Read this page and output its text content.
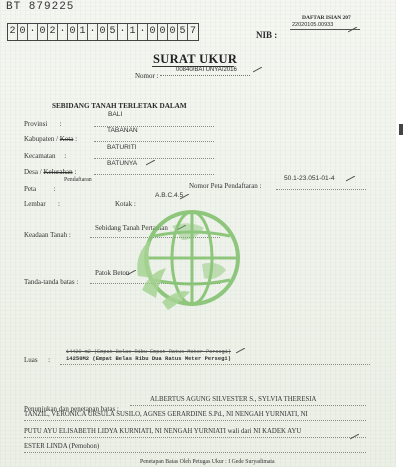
BT 879225
2 0 · 0 2 · 0 1 · 0 5 · 1 · 0 0 0 5 7	NIB :
DAFTAR ISIAN 207
22020105.00933
SURAT UKUR
Nomor :
00840/BATUNYA/2016
SEBIDANG TANAH TERLETAK DALAM
Provinsi       :
BALI
Kabupaten / Kota :
TABANAN
Kecamatan     :
BATURITI
Desa / Kelurahan :
BATUNYA
Peta          :
Pendaftaran
Nomor Peta Pendaftaran :
50.1-23.051-01-4
Lembar       :	Kotak :
A.B.C.4.5
Keadaan Tanah :
Sebidang Tanah Pertanian
Tanda-tanda batas :
Patok Beton
Luas      :
14420 m2 (Empat Belas Ribu Empat Ratus Meter Persegi)
14250M2 (Empat Belas Ribu Dua Ratus Meter Persegi)
ALBERTUS AGUNG SILVESTER S., SYLVIA THERESIA
Penunjukan dan penetapan batas :
TANZIL, VERONICA URSULA SUSILO, AGNES GERARDINE S.Pd., NI NENGAH YURNIATI, NI
PUTU AYU ELISABETH LIDYA KURNIATI, NI NENGAH YURNIATI wali dari NI KADEK AYU
ESTER LINDA (Pemohon)
Penetapan Batas Oleh Petugas Ukur : I Gede Suryadimata
